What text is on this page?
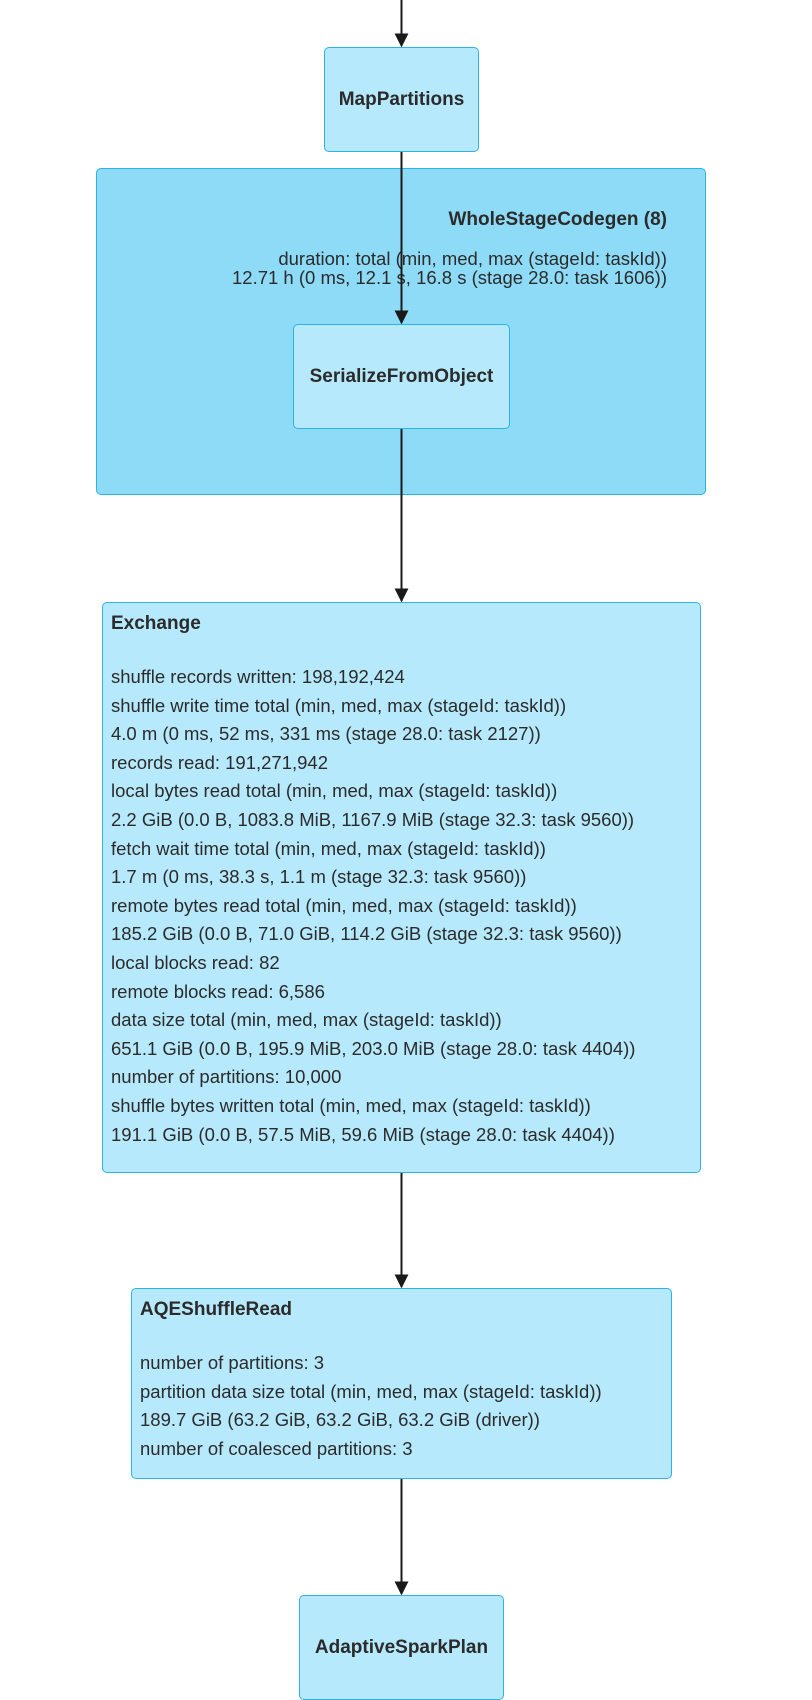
WholeStageCodegen (8)
duration: total (min, med, max (stageId: taskId))
12.71 h (0 ms, 12.1 s, 16.8 s (stage 28.0: task 1606))
MapPartitions
SerializeFromObject
Exchange
shuffle records written: 198,192,424
shuffle write time total (min, med, max (stageId: taskId))
4.0 m (0 ms, 52 ms, 331 ms (stage 28.0: task 2127))
records read: 191,271,942
local bytes read total (min, med, max (stageId: taskId))
2.2 GiB (0.0 B, 1083.8 MiB, 1167.9 MiB (stage 32.3: task 9560))
fetch wait time total (min, med, max (stageId: taskId))
1.7 m (0 ms, 38.3 s, 1.1 m (stage 32.3: task 9560))
remote bytes read total (min, med, max (stageId: taskId))
185.2 GiB (0.0 B, 71.0 GiB, 114.2 GiB (stage 32.3: task 9560))
local blocks read: 82
remote blocks read: 6,586
data size total (min, med, max (stageId: taskId))
651.1 GiB (0.0 B, 195.9 MiB, 203.0 MiB (stage 28.0: task 4404))
number of partitions: 10,000
shuffle bytes written total (min, med, max (stageId: taskId))
191.1 GiB (0.0 B, 57.5 MiB, 59.6 MiB (stage 28.0: task 4404))
AQEShuffleRead
number of partitions: 3
partition data size total (min, med, max (stageId: taskId))
189.7 GiB (63.2 GiB, 63.2 GiB, 63.2 GiB (driver))
number of coalesced partitions: 3
AdaptiveSparkPlan
